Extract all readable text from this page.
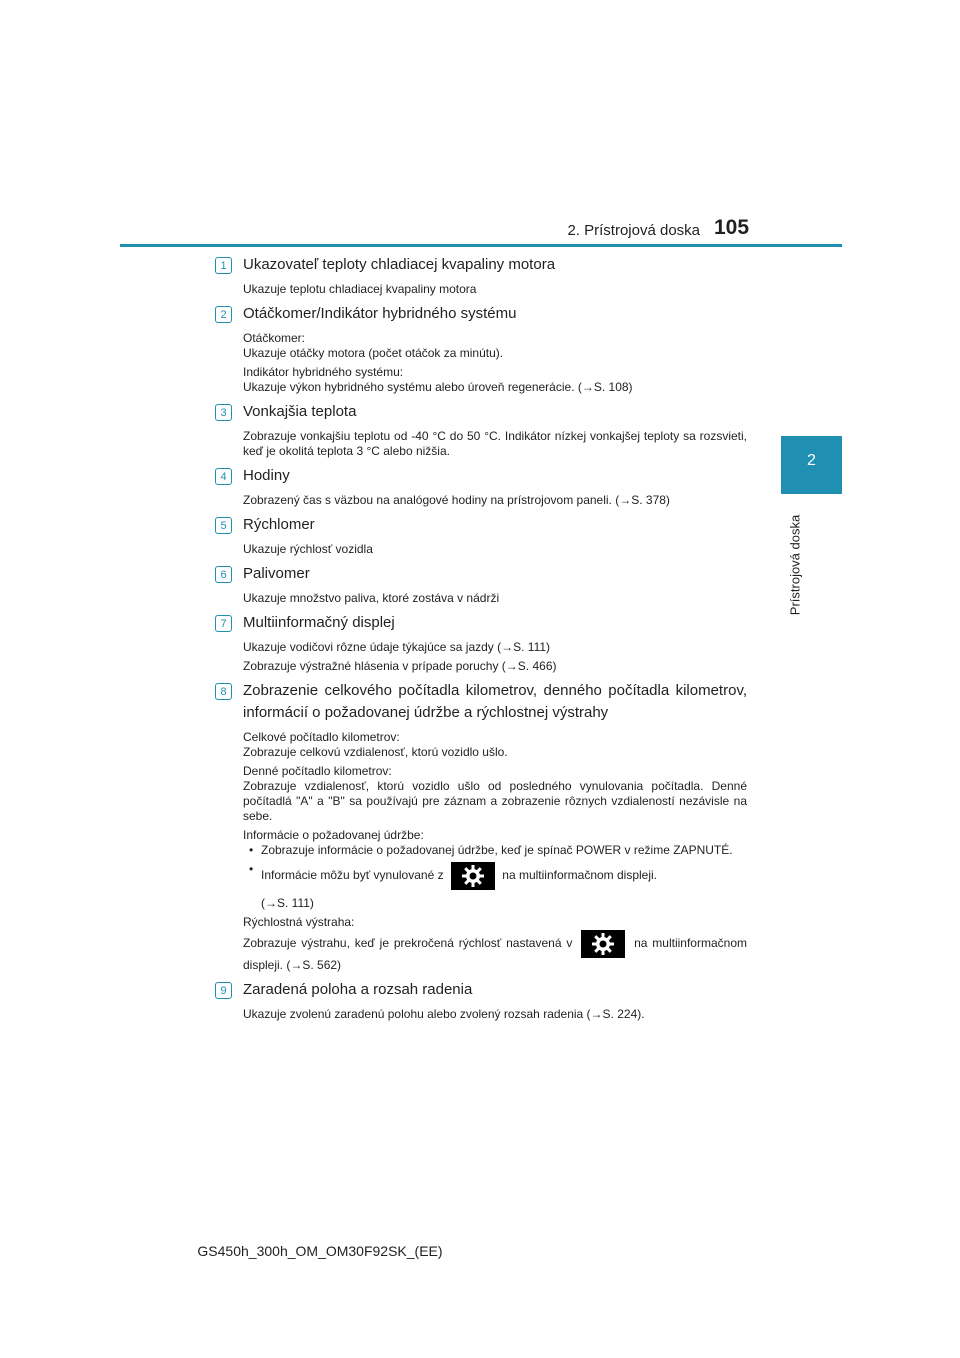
2. Prístrojová doska 105
2
Prístrojová doska
1	Ukazovateľ teploty chladiacej kvapaliny motora

Ukazuje teplotu chladiacej kvapaliny motora

2	Otáčkomer/Indikátor hybridného systému

Otáčkomer:

Ukazuje otáčky motora (počet otáčok za minútu).

Indikátor hybridného systému:

Ukazuje výkon hybridného systému alebo úroveň regenerácie. (→S. 108)

3	Vonkajšia teplota

Zobrazuje vonkajšiu teplotu od -40 °C do 50 °C. Indikátor nízkej vonkajšej teploty sa rozsvieti, keď je okolitá teplota 3 °C alebo nižšia.

4	Hodiny

Zobrazený čas s väzbou na analógové hodiny na prístrojovom paneli. (→S. 378)

5	Rýchlomer

Ukazuje rýchlosť vozidla

6	Palivomer

Ukazuje množstvo paliva, ktoré zostáva v nádrži

7	Multiinformačný displej

Ukazuje vodičovi rôzne údaje týkajúce sa jazdy (→S. 111)

Zobrazuje výstražné hlásenia v prípade poruchy (→S. 466)

8	Zobrazenie celkového počítadla kilometrov, denného počítadla kilometrov, informácií o požadovanej údržbe a rýchlostnej výstrahy

Celkové počítadlo kilometrov:

Zobrazuje celkovú vzdialenosť, ktorú vozidlo ušlo.

Denné počítadlo kilometrov:

Zobrazuje vzdialenosť, ktorú vozidlo ušlo od posledného vynulovania počítadla. Denné počítadlá "A" a "B" sa používajú pre záznam a zobrazenie rôznych vzdialeností nezávisle na sebe.

Informácie o požadovanej údržbe:

• Zobrazuje informácie o požadovanej údržbe, keď je spínač POWER v režime ZAPNUTÉ.
• Informácie môžu byť vynulované z	na multiinformačnom displeji.
(→S. 111)

Rýchlostná výstraha:

Zobrazuje výstrahu, keď je prekročená rýchlosť nastavená v	na multiinformačnom displeji. (→S. 562)

9	Zaradená poloha a rozsah radenia

Ukazuje zvolenú zaradenú polohu alebo zvolený rozsah radenia (→S. 224).

GS450h_300h_OM_OM30F92SK_(EE)
